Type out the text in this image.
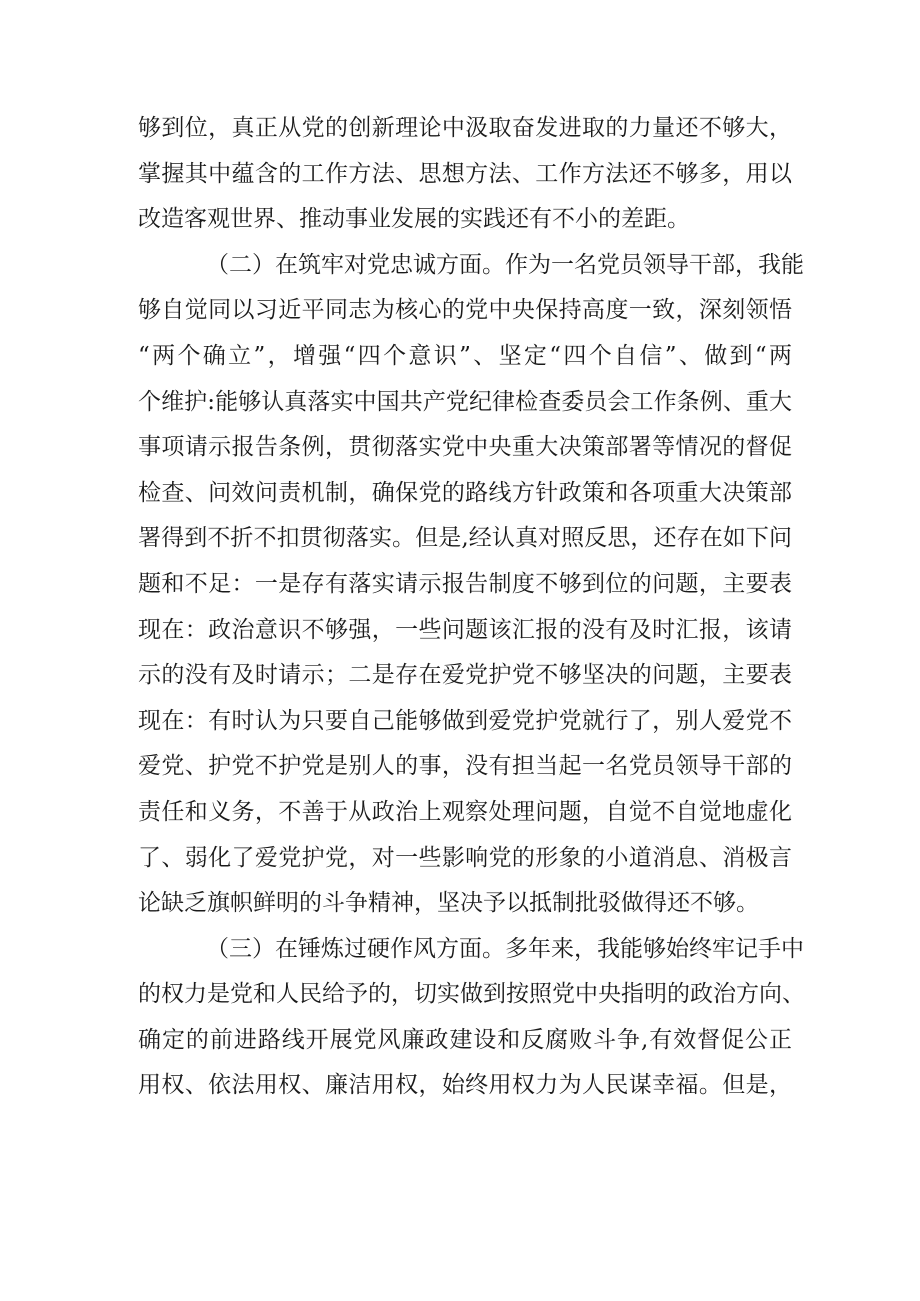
够到位，真正从党的创新理论中汲取奋发进取的力量还不够大，
掌握其中蕴含的工作方法、思想方法、工作方法还不够多，用以
改造客观世界、推动事业发展的实践还有不小的差距。
（二）在筑牢对党忠诚方面。作为一名党员领导干部，我能
够自觉同以习近平同志为核心的党中央保持高度一致，深刻领悟
“两个确立”，增强“四个意识”、坚定“四个自信”、做到“两
个维护:能够认真落实中国共产党纪律检查委员会工作条例、重大
事项请示报告条例，贯彻落实党中央重大决策部署等情况的督促
检查、问效问责机制，确保党的路线方针政策和各项重大决策部
署得到不折不扣贯彻落实。但是,经认真对照反思，还存在如下问
题和不足：一是存有落实请示报告制度不够到位的问题，主要表
现在：政治意识不够强，一些问题该汇报的没有及时汇报，该请
示的没有及时请示；二是存在爱党护党不够坚决的问题，主要表
现在：有时认为只要自己能够做到爱党护党就行了，别人爱党不
爱党、护党不护党是别人的事，没有担当起一名党员领导干部的
责任和义务，不善于从政治上观察处理问题，自觉不自觉地虚化
了、弱化了爱党护党，对一些影响党的形象的小道消息、消极言
论缺乏旗帜鲜明的斗争精神，坚决予以抵制批驳做得还不够。
（三）在锤炼过硬作风方面。多年来，我能够始终牢记手中
的权力是党和人民给予的，切实做到按照党中央指明的政治方向、
确定的前进路线开展党风廉政建设和反腐败斗争,有效督促公正
用权、依法用权、廉洁用权，始终用权力为人民谋幸福。但是，
